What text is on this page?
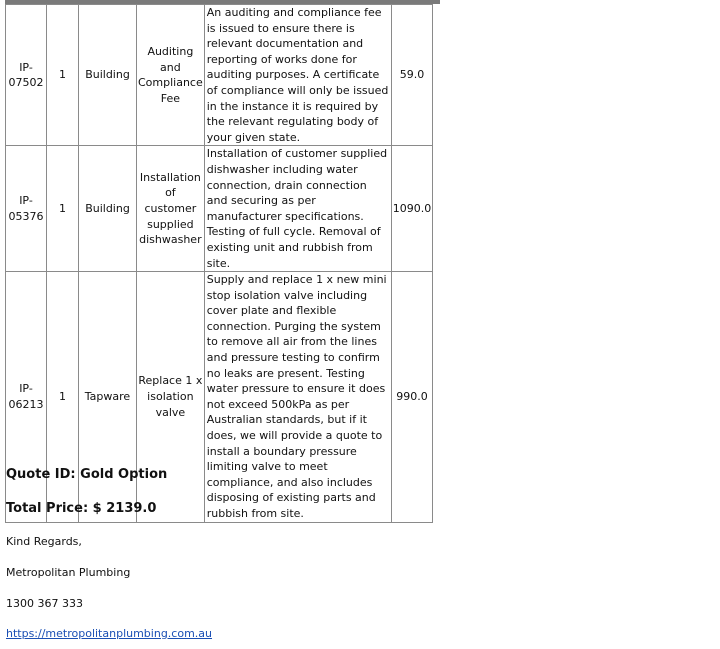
IP-07502	1	Building	Auditing and Compliance Fee	An auditing and compliance fee is issued to ensure there is relevant documentation and reporting of works done for auditing purposes. A certificate of compliance will only be issued in the instance it is required by the relevant regulating body of your given state.	59.0
IP-05376	1	Building	Installation of customer supplied dishwasher	Installation of customer supplied dishwasher including water connection, drain connection and securing as per manufacturer specifications. Testing of full cycle. Removal of existing unit and rubbish from site.	1090.0
IP-06213	1	Tapware	Replace 1 x isolation valve	Supply and replace 1 x new mini stop isolation valve including cover plate and flexible connection. Purging the system to remove all air from the lines and pressure testing to confirm no leaks are present. Testing water pressure to ensure it does not exceed 500kPa as per Australian standards, but if it does, we will provide a quote to install a boundary pressure limiting valve to meet compliance, and also includes disposing of existing parts and rubbish from site.	990.0
Quote ID: Gold Option
Total Price: $ 2139.0
Kind Regards,
Metropolitan Plumbing
1300 367 333
https://metropolitanplumbing.com.au
